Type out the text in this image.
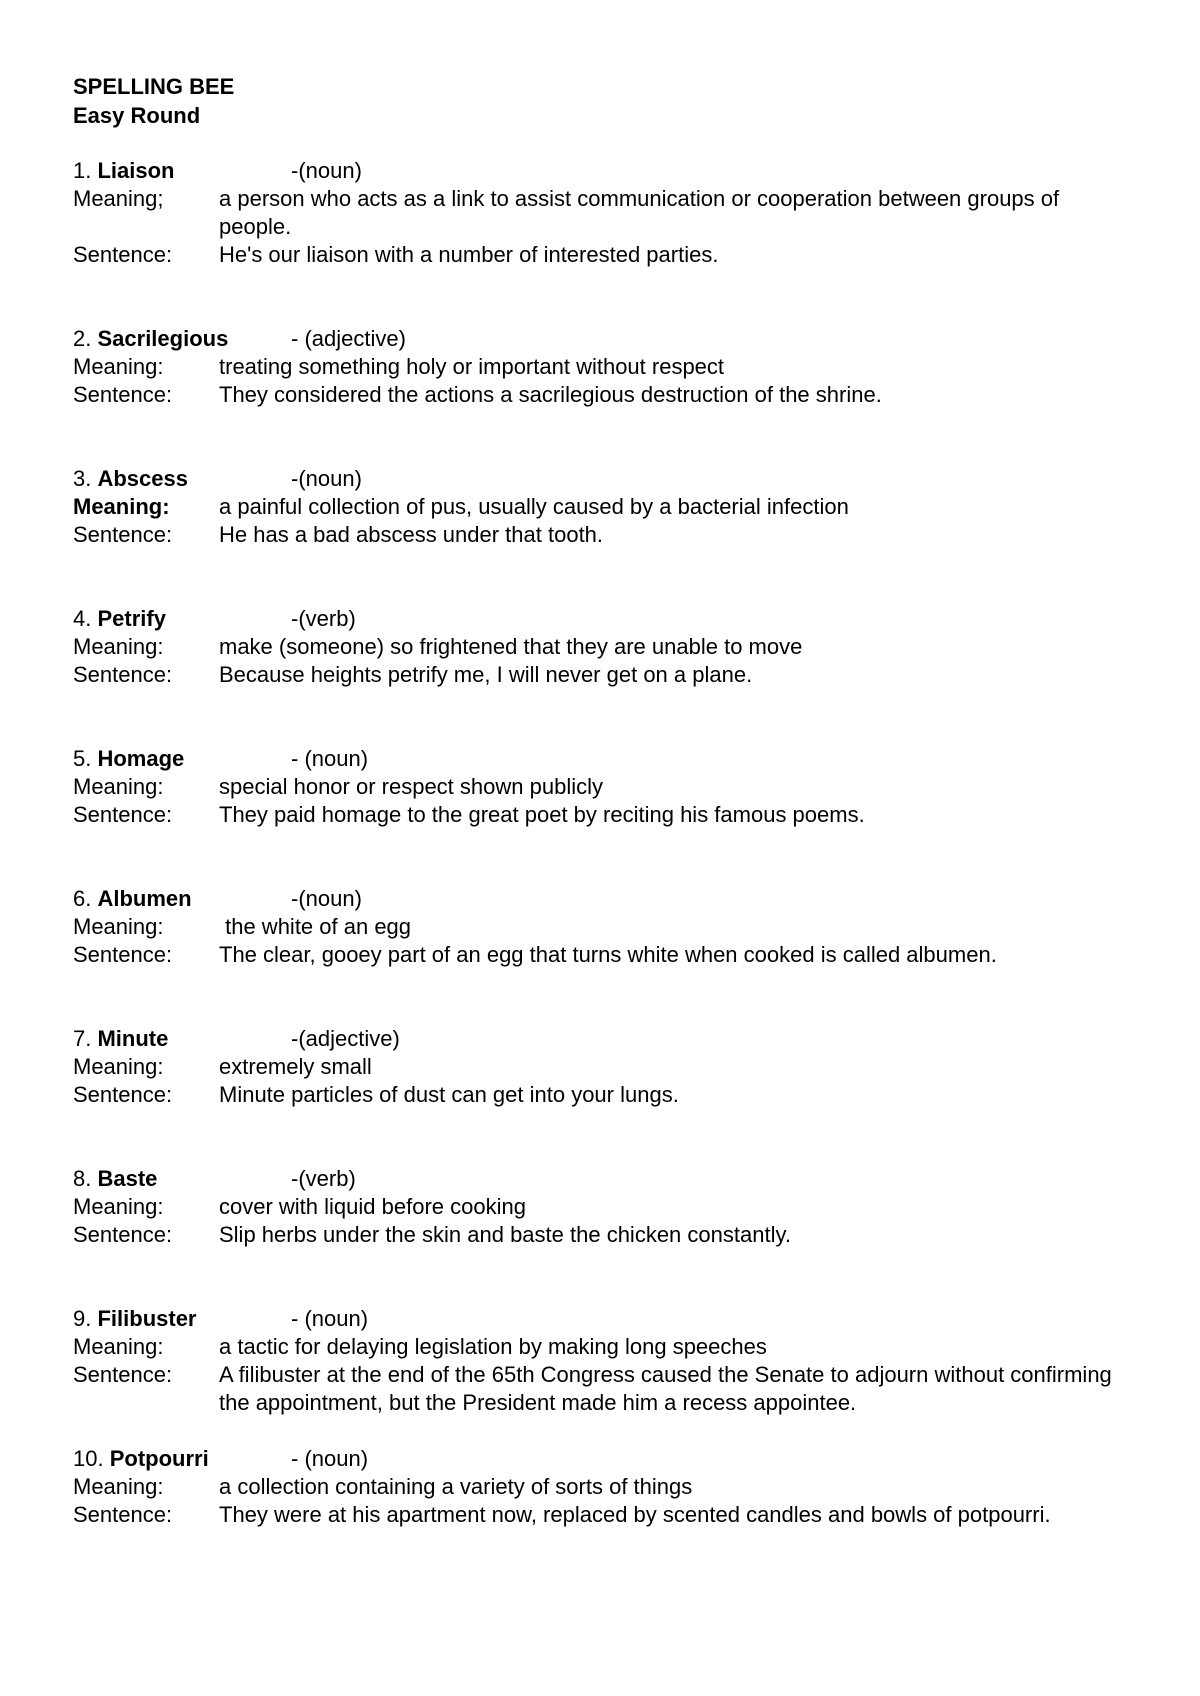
SPELLING BEE

Easy Round

1. Liaison	-(noun)
Meaning;	a person who acts as a link to assist communication or cooperation between groups of people.
Sentence:	He's our liaison with a number of interested parties.
2. Sacrilegious	- (adjective)
Meaning:	treating something holy or important without respect
Sentence:	They considered the actions a sacrilegious destruction of the shrine.
3. Abscess	-(noun)
Meaning:	a painful collection of pus, usually caused by a bacterial infection
Sentence:	He has a bad abscess under that tooth.
4. Petrify	-(verb)
Meaning:	make (someone) so frightened that they are unable to move
Sentence:	Because heights petrify me, I will never get on a plane.
5. Homage	- (noun)
Meaning:	special honor or respect shown publicly
Sentence:	They paid homage to the great poet by reciting his famous poems.
6. Albumen	-(noun)
Meaning:	the white of an egg
Sentence:	The clear, gooey part of an egg that turns white when cooked is called albumen.
7. Minute	-(adjective)
Meaning:	extremely small
Sentence:	Minute particles of dust can get into your lungs.
8. Baste	-(verb)
Meaning:	cover with liquid before cooking
Sentence:	Slip herbs under the skin and baste the chicken constantly.
9. Filibuster	- (noun)
Meaning:	a tactic for delaying legislation by making long speeches
Sentence:	A filibuster at the end of the 65th Congress caused the Senate to adjourn without confirming the appointment, but the President made him a recess appointee.
10. Potpourri	- (noun)
Meaning:	a collection containing a variety of sorts of things
Sentence: They were at his apartment now, replaced by scented candles and bowls of potpourri.
